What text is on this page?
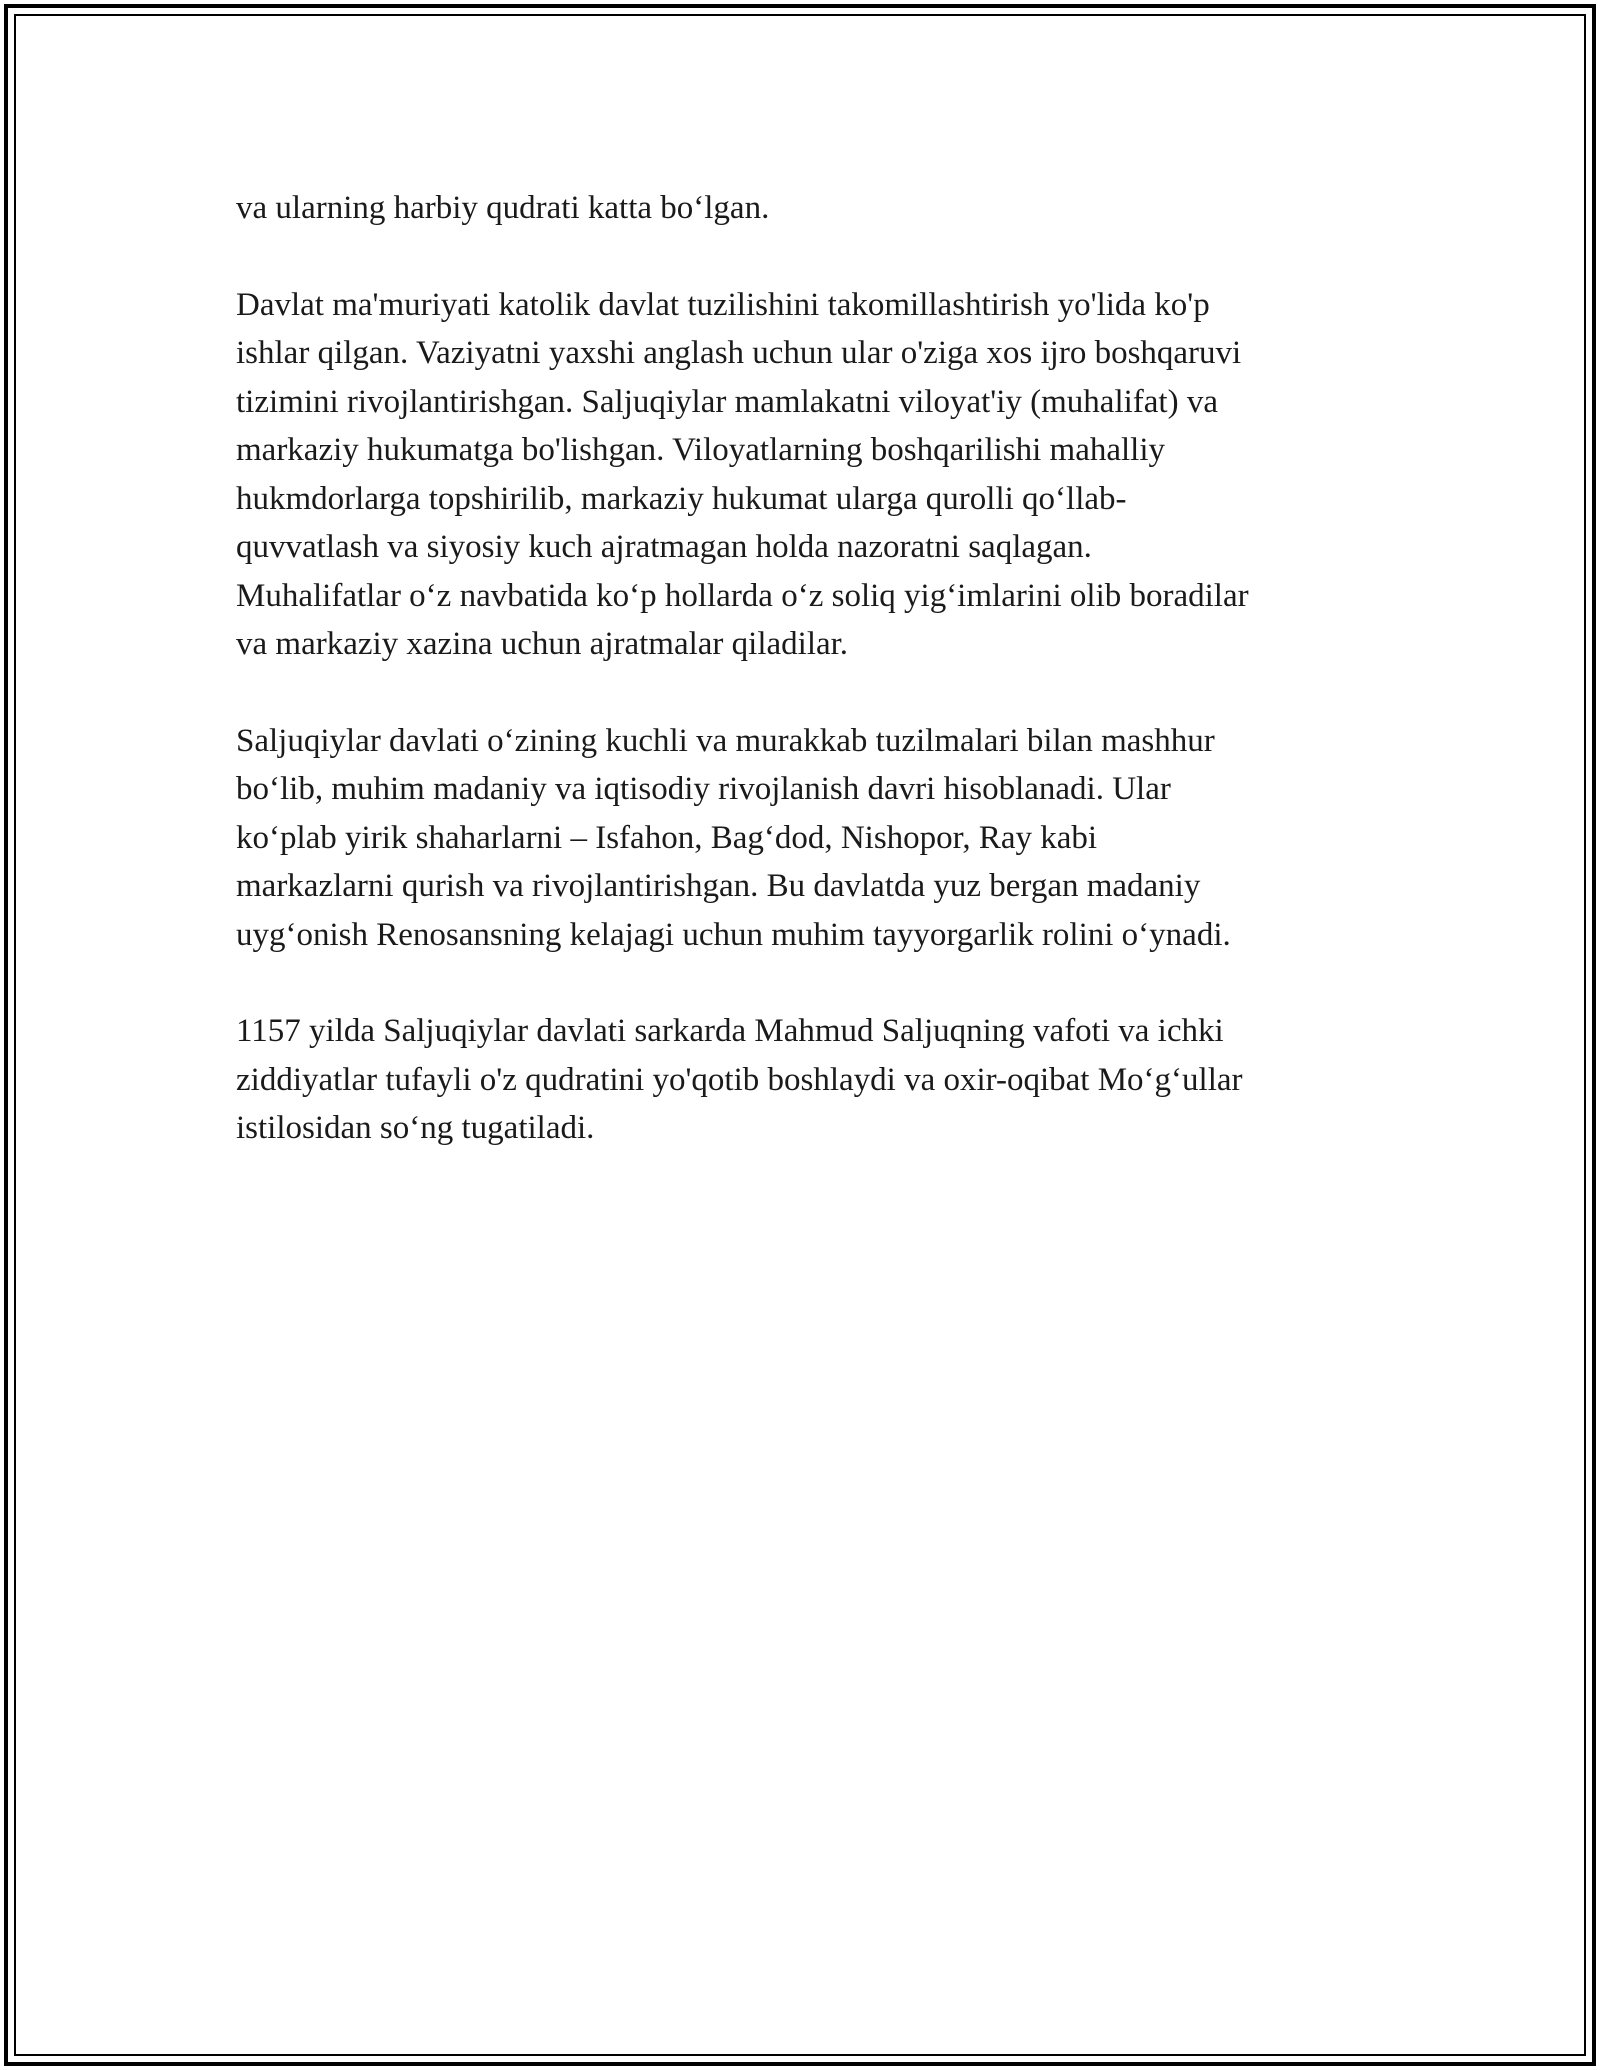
va ularning harbiy qudrati katta bo‘lgan.

Davlat ma'muriyati katolik davlat tuzilishini takomillashtirish yo'lida ko'p
ishlar qilgan. Vaziyatni yaxshi anglash uchun ular o'ziga xos ijro boshqaruvi
tizimini rivojlantirishgan. Saljuqiylar mamlakatni viloyat'iy (muhalifat) va
markaziy hukumatga bo'lishgan. Viloyatlarning boshqarilishi mahalliy
hukmdorlarga topshirilib, markaziy hukumat ularga qurolli qo‘llab-
quvvatlash va siyosiy kuch ajratmagan holda nazoratni saqlagan.
Muhalifatlar o‘z navbatida ko‘p hollarda o‘z soliq yig‘imlarini olib boradilar
va markaziy xazina uchun ajratmalar qiladilar.

Saljuqiylar davlati o‘zining kuchli va murakkab tuzilmalari bilan mashhur
bo‘lib, muhim madaniy va iqtisodiy rivojlanish davri hisoblanadi. Ular
ko‘plab yirik shaharlarni – Isfahon, Bag‘dod, Nishopor, Ray kabi
markazlarni qurish va rivojlantirishgan. Bu davlatda yuz bergan madaniy
uyg‘onish Renosansning kelajagi uchun muhim tayyorgarlik rolini o‘ynadi.

1157 yilda Saljuqiylar davlati sarkarda Mahmud Saljuqning vafoti va ichki
ziddiyatlar tufayli o'z qudratini yo'qotib boshlaydi va oxir-oqibat Mo‘g‘ullar
istilosidan so‘ng tugatiladi.
